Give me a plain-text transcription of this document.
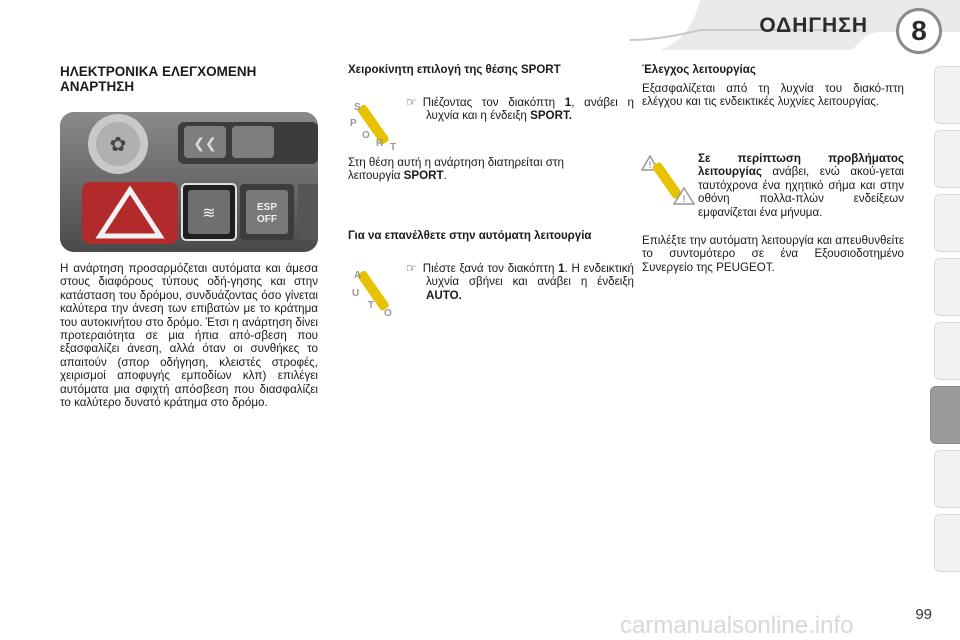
ΟΔΗΓΗΣΗ	8
ΗΛΕΚΤΡΟΝΙΚΑ ΕΛΕΓΧΟΜΕΝΗ ΑΝΑΡΤΗΣΗ
✿	❮❮
≋	ESP
OFF

Η ανάρτηση προσαρμόζεται αυτόματα και άμεσα στους διαφόρους τύπους οδή-γησης και στην κατάσταση του δρόμου, συνδυάζοντας όσο γίνεται καλύτερα την άνεση των επιβατών με το κράτημα του αυτοκινήτου στο δρόμο. Έτσι η ανάρτηση δίνει προτεραιότητα σε μια ήπια από-σβεση που εξασφαλίζει άνεση, αλλά όταν οι συνθήκες το απαιτούν (σπορ οδήγηση, κλειστές στροφές, χειρισμοί αποφυγής εμποδίων κλπ) επιλέγει αυτόματα μια σφιχτή απόσβεση που διασφαλίζει το καλύτερο δυνατό κράτημα στο δρόμο.

Χειροκίνητη επιλογή της θέσης SPORT
S
P
O
R T

☞ Πιέζοντας τον διακόπτη 1, ανάβει η λυχνία και η ένδειξη SPORT.

Στη θέση αυτή η ανάρτηση διατηρείται στη λειτουργία SPORT.

Για να επανέλθετε στην αυτόματη λειτουργία
A
U
T
O

☞ Πιέστε ξανά τον διακόπτη 1. Η ενδεικτική λυχνία σβήνει και ανάβει η ένδειξη AUTO.

Έλεγχος λειτουργίας

Εξασφαλίζεται από τη λυχνία του διακό-πτη ελέγχου και τις ενδεικτικές λυχνίες λειτουργίας.

!
!

Σε περίπτωση προβλήματος λειτουργίας ανάβει, ενώ ακού-γεται ταυτόχρονα ένα ηχητικό σήμα και στην οθόνη πολλα-πλών ενδείξεων εμφανίζεται ένα μήνυμα.

Επιλέξτε την αυτόματη λειτουργία και απευθυνθείτε το συντομότερο σε ένα Εξουσιοδοτημένο Συνεργείο της PEUGEOT.

carmanualsonline.info	99
